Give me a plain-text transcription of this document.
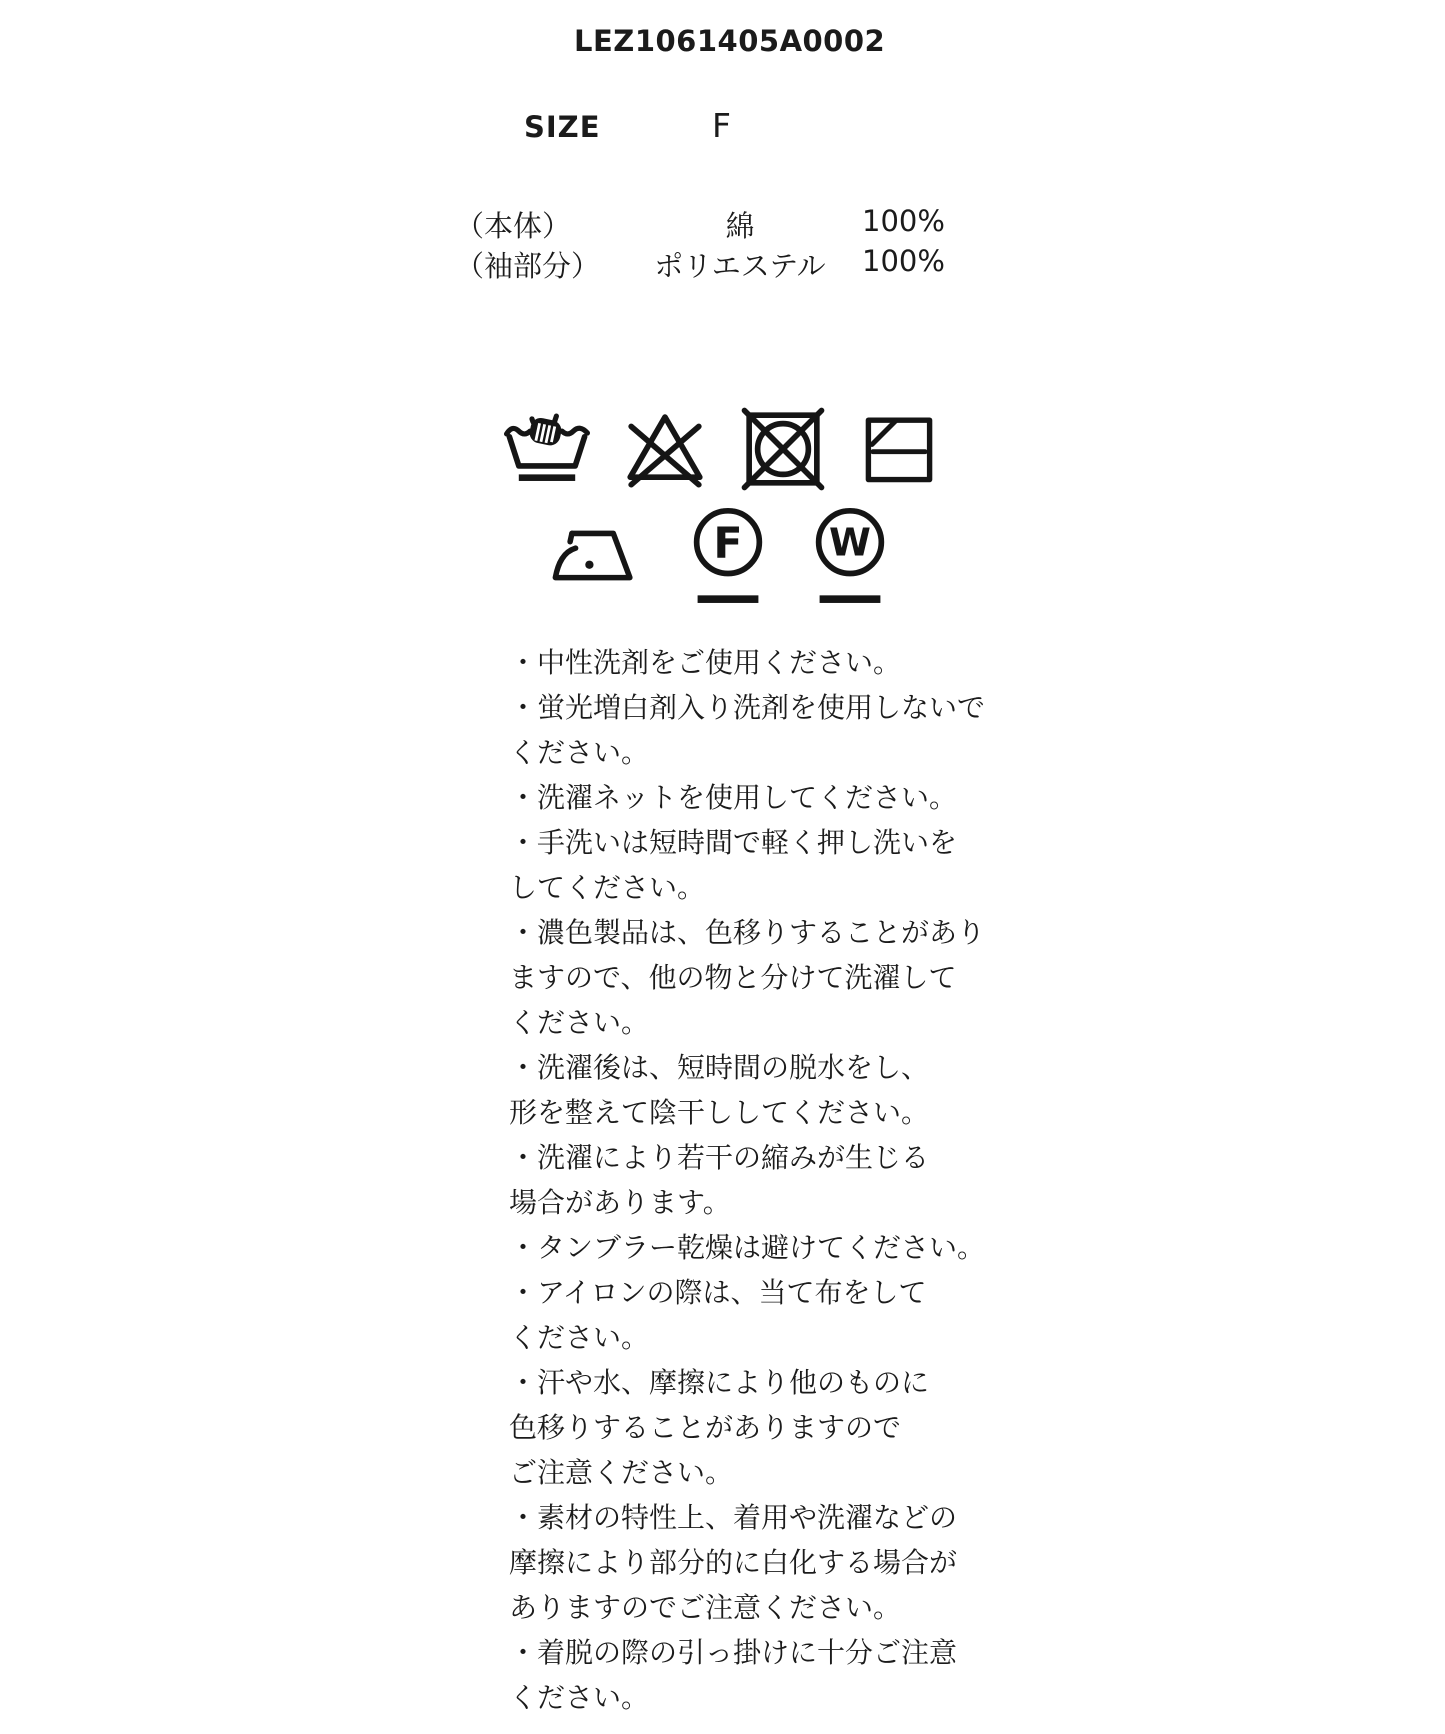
LEZ1061405A0002
SIZE	F
（本体）	綿	100%
（袖部分）	ポリエステル	100%
F W
・中性洗剤をご使用ください。
・蛍光増白剤入り洗剤を使用しないで
ください。
・洗濯ネットを使用してください。
・手洗いは短時間で軽く押し洗いを
してください。
・濃色製品は、色移りすることがあり
ますので、他の物と分けて洗濯して
ください。
・洗濯後は、短時間の脱水をし、
形を整えて陰干ししてください。
・洗濯により若干の縮みが生じる
場合があります。
・タンブラー乾燥は避けてください。
・アイロンの際は、当て布をして
ください。
・汗や水、摩擦により他のものに
色移りすることがありますので
ご注意ください。
・素材の特性上、着用や洗濯などの
摩擦により部分的に白化する場合が
ありますのでご注意ください。
・着脱の際の引っ掛けに十分ご注意
ください。
